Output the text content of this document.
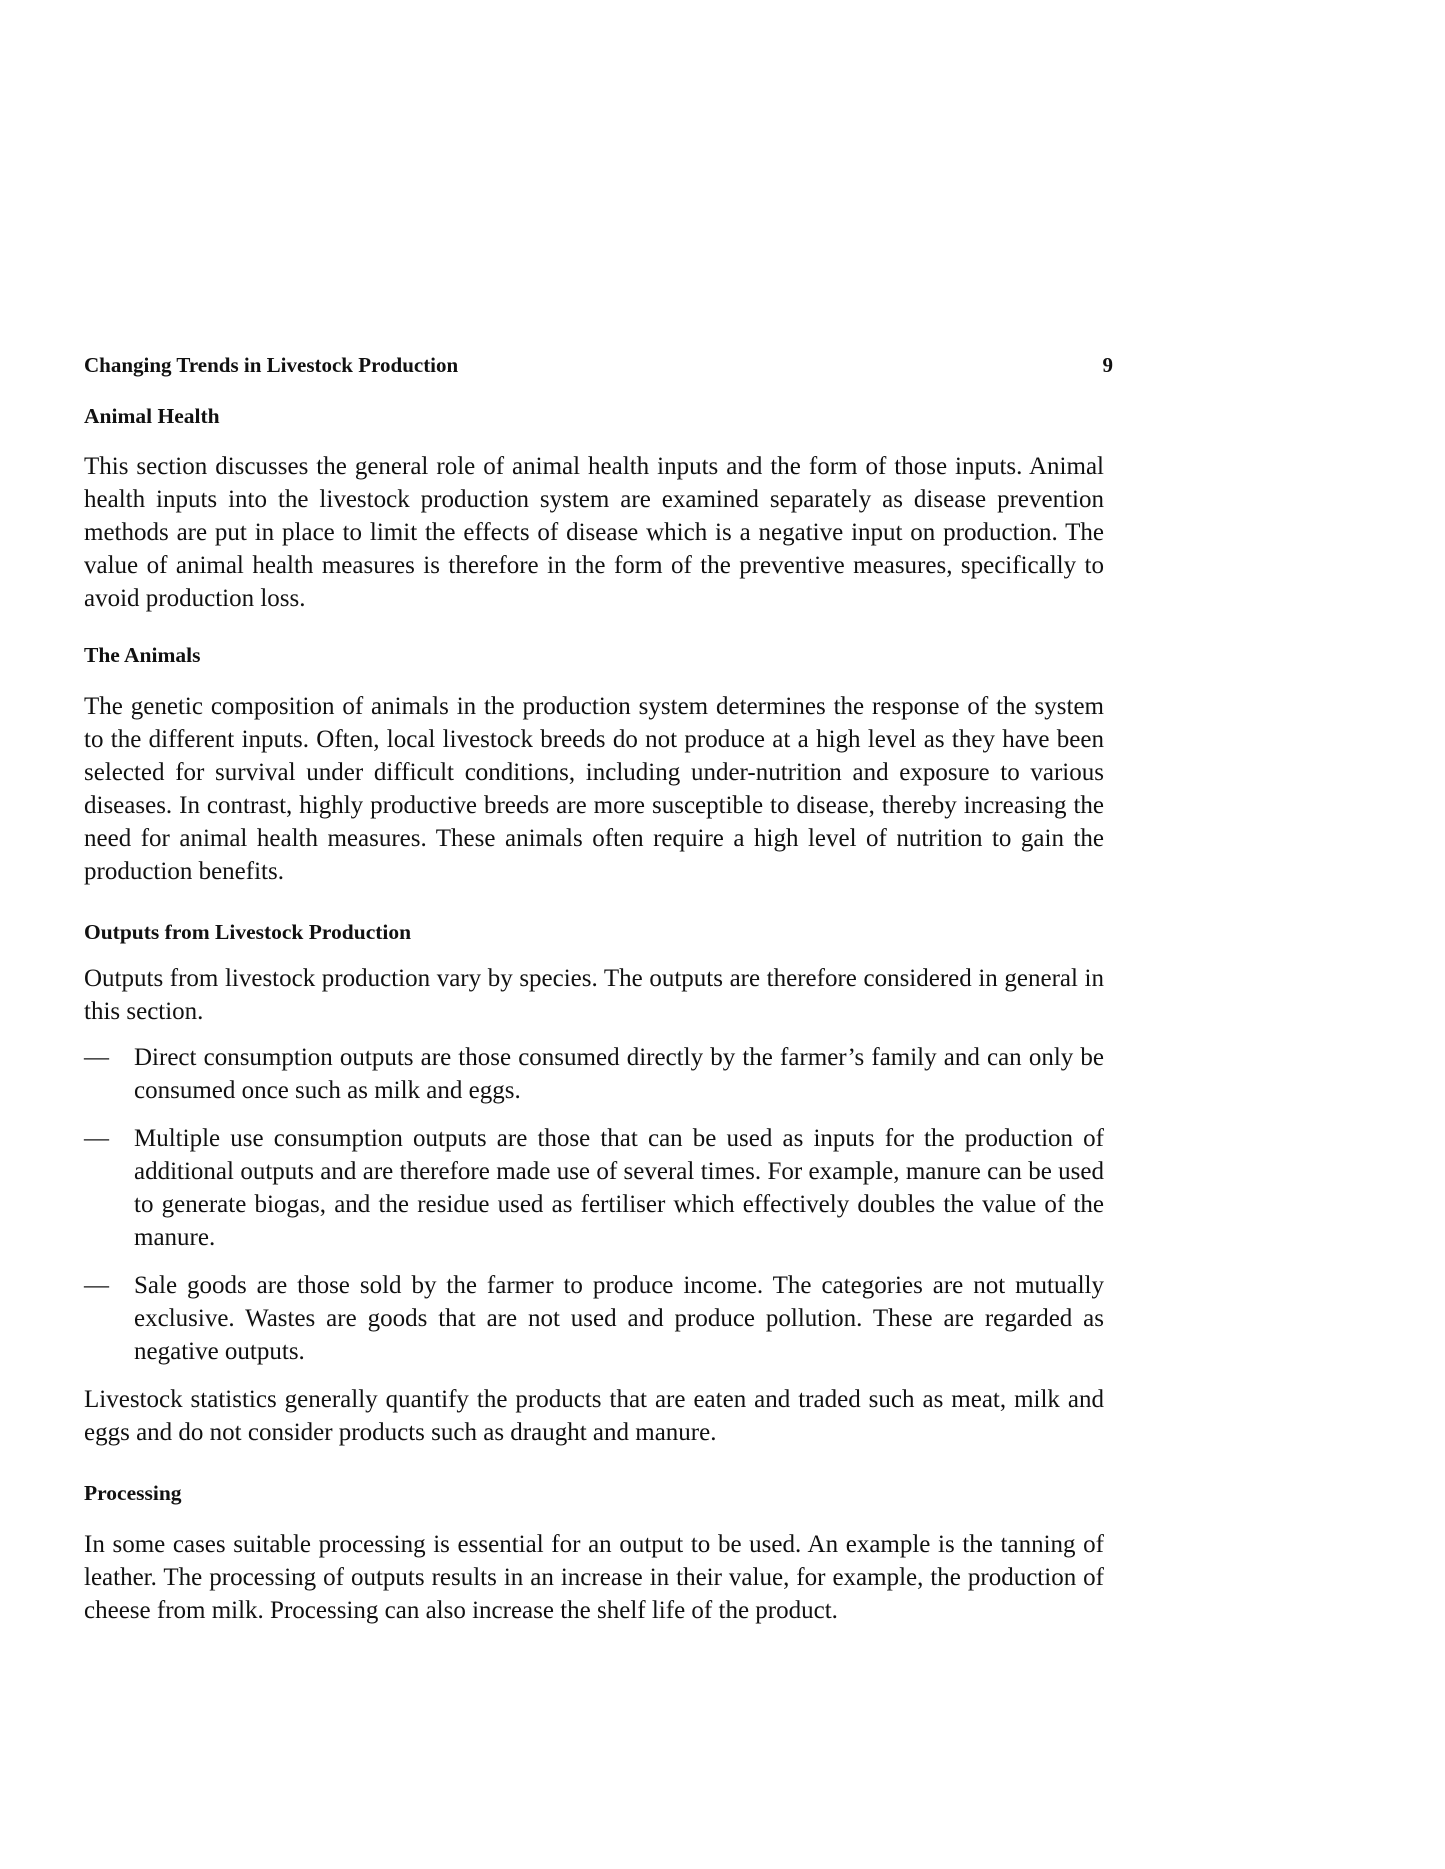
Changing Trends in Livestock Production	9
Animal Health

This section discusses the general role of animal health inputs and the form of those inputs. Animal health inputs into the livestock production system are examined separately as disease prevention methods are put in place to limit the effects of disease which is a negative input on production. The value of animal health measures is therefore in the form of the preventive measures, specifically to avoid production loss.

The Animals

The genetic composition of animals in the production system determines the response of the system to the different inputs. Often, local livestock breeds do not produce at a high level as they have been selected for survival under difficult conditions, including under-nutrition and exposure to various diseases. In contrast, highly productive breeds are more susceptible to disease, thereby increasing the need for animal health measures. These animals often require a high level of nutrition to gain the production benefits.

Outputs from Livestock Production

Outputs from livestock production vary by species. The outputs are therefore considered in general in this section.

— Direct consumption outputs are those consumed directly by the farmer’s family and can only be consumed once such as milk and eggs.
— Multiple use consumption outputs are those that can be used as inputs for the production of additional outputs and are therefore made use of several times. For example, manure can be used to generate biogas, and the residue used as fertiliser which effectively doubles the value of the manure.
— Sale goods are those sold by the farmer to produce income. The categories are not mutually exclusive. Wastes are goods that are not used and produce pollution. These are regarded as negative outputs.

Livestock statistics generally quantify the products that are eaten and traded such as meat, milk and eggs and do not consider products such as draught and manure.

Processing

In some cases suitable processing is essential for an output to be used. An example is the tanning of leather. The processing of outputs results in an increase in their value, for example, the production of cheese from milk. Processing can also increase the shelf life of the product.
